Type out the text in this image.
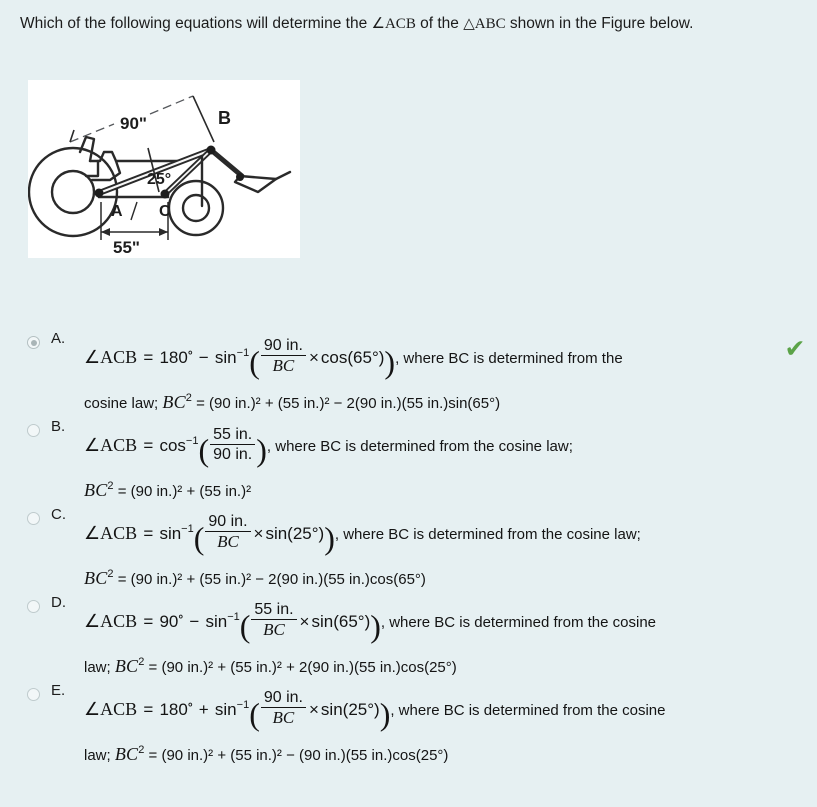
Which of the following equations will determine the ∠ACB of the △ABC shown in the Figure below.
90"	B
25°
A C
55"
A.
∠ACB = $180^\circ - \sin^{-1}( \frac{90 in.}{BC} \times \cos(65^\circ))$, where BC is determined from the
cosine law; $BC^2 = (90$ in.)² + (55 in.)² − 2(90 in.)(55 in.)sin(65°)
B.
∠ACB = $\cos^{-1}( \frac{55 in.}{90 in.}$ ), where BC is determined from the cosine law;
$BC^2 = (90$ in.)² + (55 in.)²
C.
∠ACB = $\sin^{-1}( \frac{90 in.}{BC} \times \sin(25^\circ))$, where BC is determined from the cosine law;
$BC^2 = (90$ in.)² + (55 in.)² − 2(90 in.)(55 in.)cos(65°)
D.
∠ACB = $90^\circ - \sin^{-1}( \frac{55 in.}{BC} \times \sin(65^\circ))$, where BC is determined from the cosine
law; $BC^2 = (90$ in.)² + (55 in.)² + 2(90 in.)(55 in.)cos(25°)
E.
∠ACB = $180^\circ + \sin^{-1}( \frac{90 in.}{BC} \times \sin(25^\circ))$, where BC is determined from the cosine
law; $BC^2 = (90$ in.)² + (55 in.)² − (90 in.)(55 in.)cos(25°)
✔
